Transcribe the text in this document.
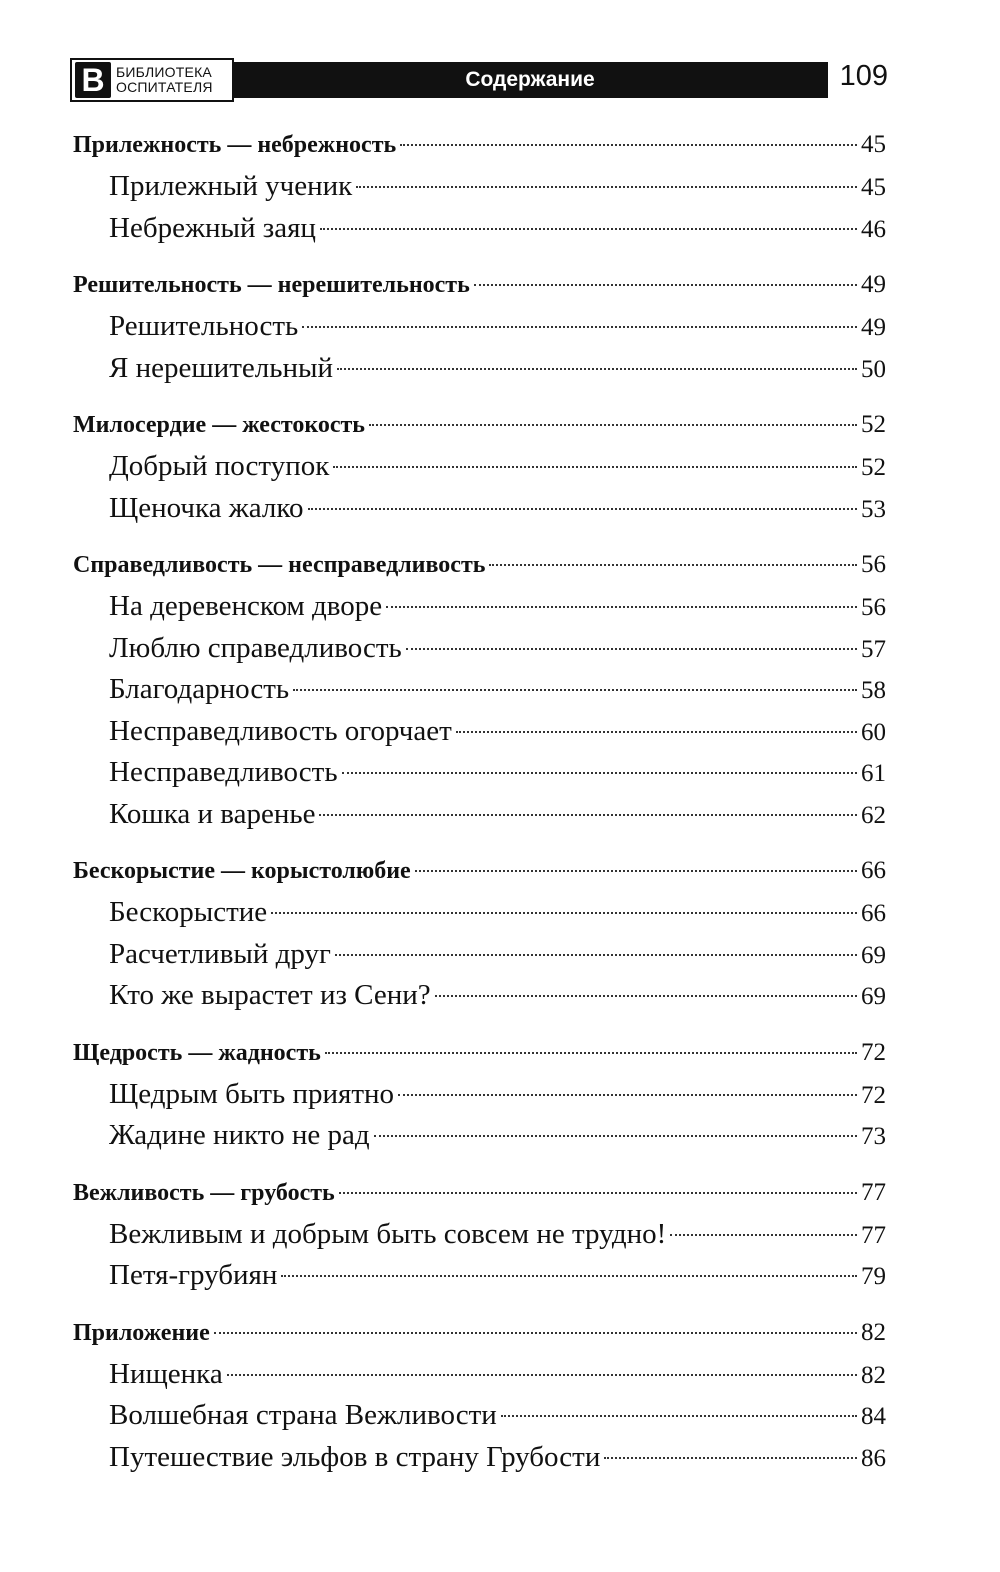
В БИБЛИОТЕКА
ОСПИТАТЕЛЯ	Содержание	109
Прилежность — небрежность	45
Прилежный ученик	45
Небрежный заяц	46
Решительность — нерешительность	49
Решительность	49
Я нерешительный	50
Милосердие — жестокость	52
Добрый поступок	52
Щеночка жалко	53
Справедливость — несправедливость	56
На деревенском дворе	56
Люблю справедливость	57
Благодарность	58
Несправедливость огорчает	60
Несправедливость	61
Кошка и варенье	62
Бескорыстие — корыстолюбие	66
Бескорыстие	66
Расчетливый друг	69
Кто же вырастет из Сени?	69
Щедрость — жадность	72
Щедрым быть приятно	72
Жадине никто не рад	73
Вежливость — грубость	77
Вежливым и добрым быть совсем не трудно!	77
Петя-грубиян	79
Приложение	82
Нищенка	82
Волшебная страна Вежливости	84
Путешествие эльфов в страну Грубости	86
